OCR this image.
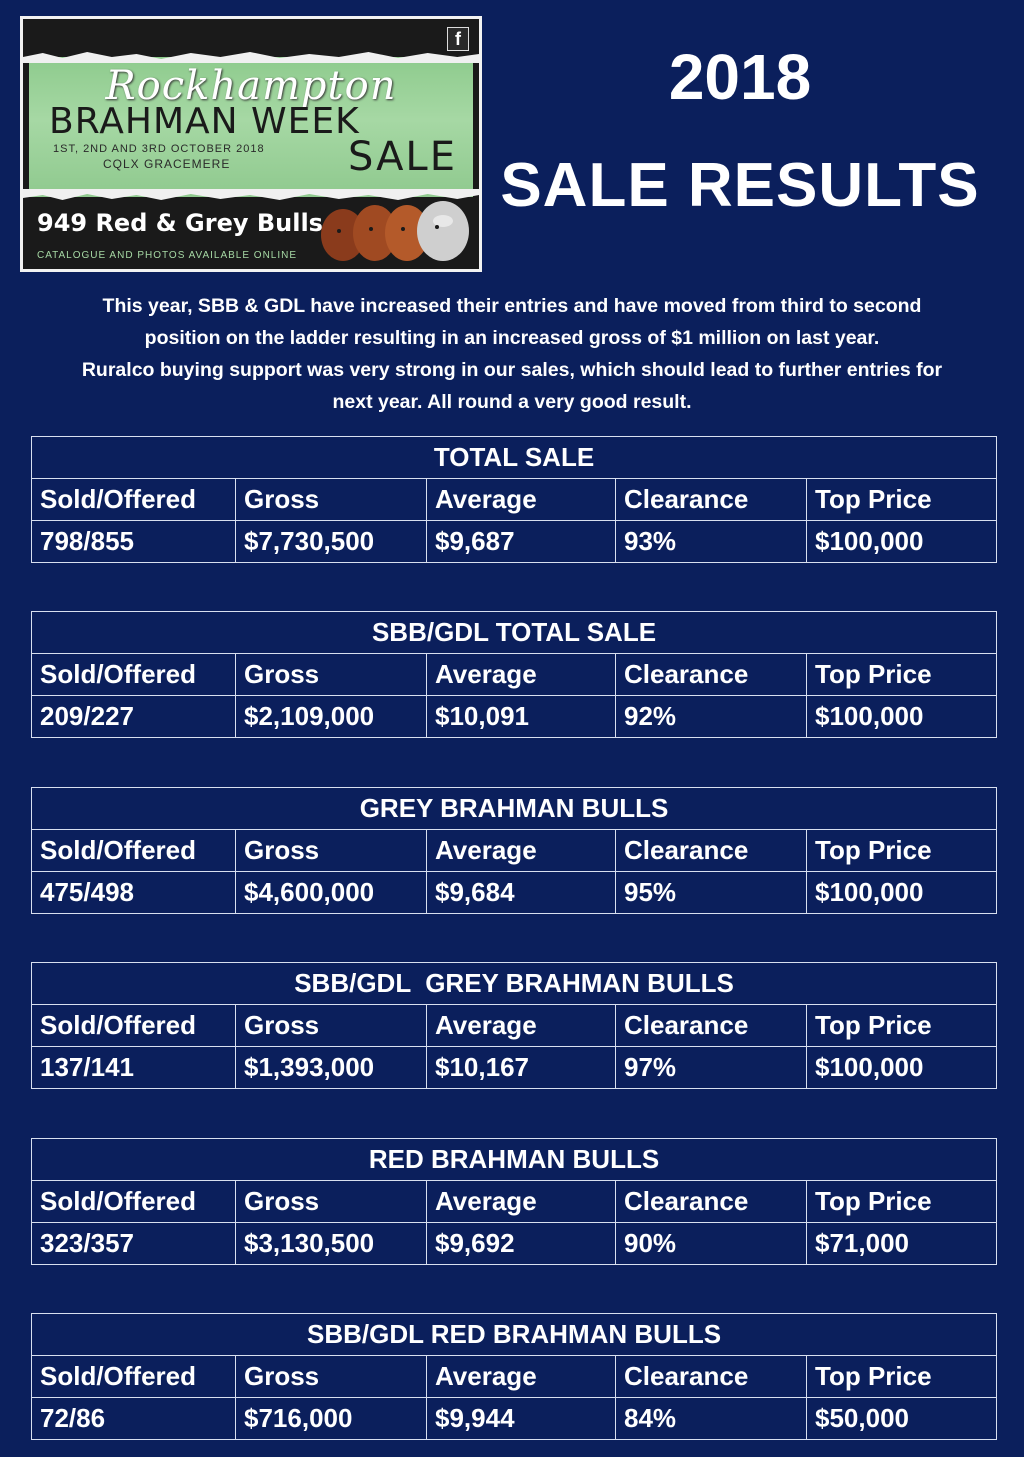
f
Rockhampton
BRAHMAN WEEK
1ST, 2ND AND 3RD OCTOBER 2018
CQLX GRACEMERE	SALE
949 Red & Grey Bulls
CATALOGUE AND PHOTOS AVAILABLE ONLINE
2018
SALE RESULTS

This year, SBB & GDL have increased their entries and have moved from third to second

position on the ladder resulting in an increased gross of $1 million on last year.

Ruralco buying support was very strong in our sales, which should lead to further entries for

next year. All round a very good result.

TOTAL SALE				
Sold/Offered	Gross	Average	Clearance	Top Price
798/855	$7,730,500	$9,687	93%	$100,000
SBB/GDL TOTAL SALE				
Sold/Offered	Gross	Average	Clearance	Top Price
209/227	$2,109,000	$10,091	92%	$100,000
GREY BRAHMAN BULLS				
Sold/Offered	Gross	Average	Clearance	Top Price
475/498	$4,600,000	$9,684	95%	$100,000
SBB/GDL  GREY BRAHMAN BULLS				
Sold/Offered	Gross	Average	Clearance	Top Price
137/141	$1,393,000	$10,167	97%	$100,000
RED BRAHMAN BULLS				
Sold/Offered	Gross	Average	Clearance	Top Price
323/357	$3,130,500	$9,692	90%	$71,000
SBB/GDL RED BRAHMAN BULLS				
Sold/Offered	Gross	Average	Clearance	Top Price
72/86	$716,000	$9,944	84%	$50,000
